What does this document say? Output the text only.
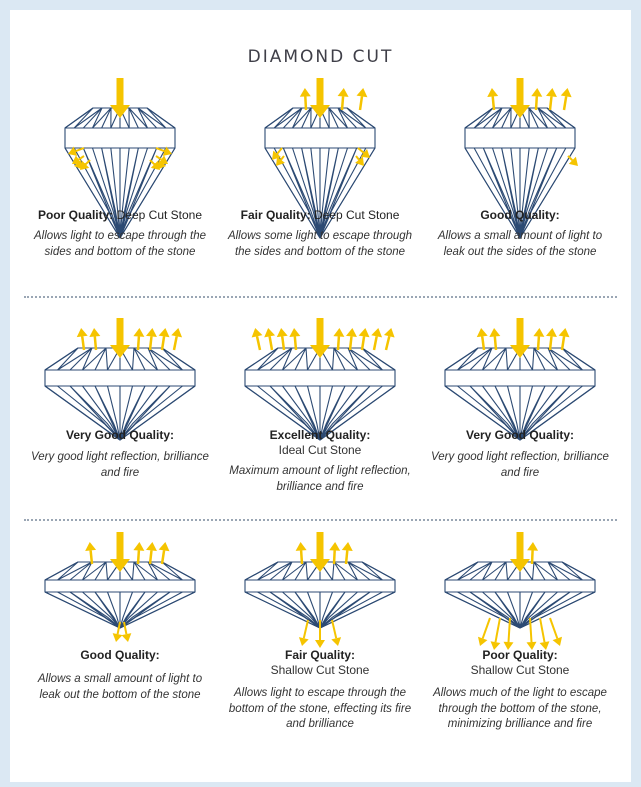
DIAMOND CUT
Poor Quality: Deep Cut Stone
Allows light to escape through the sides and bottom of the stone
Fair Quality: Deep Cut Stone
Allows some light to escape through the sides and bottom of the stone
Good Quality:
Allows a small amount of light to leak out the sides of the stone
Very Good Quality:
Very good light reflection, brilliance and fire
Excellent Quality:
Ideal Cut Stone
Maximum amount of light reflection, brilliance and fire
Very Good Quality:
Very good light reflection, brilliance and fire
Good Quality:
Allows a small amount of light to leak out the bottom of the stone
Fair Quality:
Shallow Cut Stone
Allows light to escape through the bottom of the stone, effecting its fire and brilliance
Poor Quality:
Shallow Cut Stone
Allows much of the light to escape through the bottom of the stone, minimizing brilliance and fire
